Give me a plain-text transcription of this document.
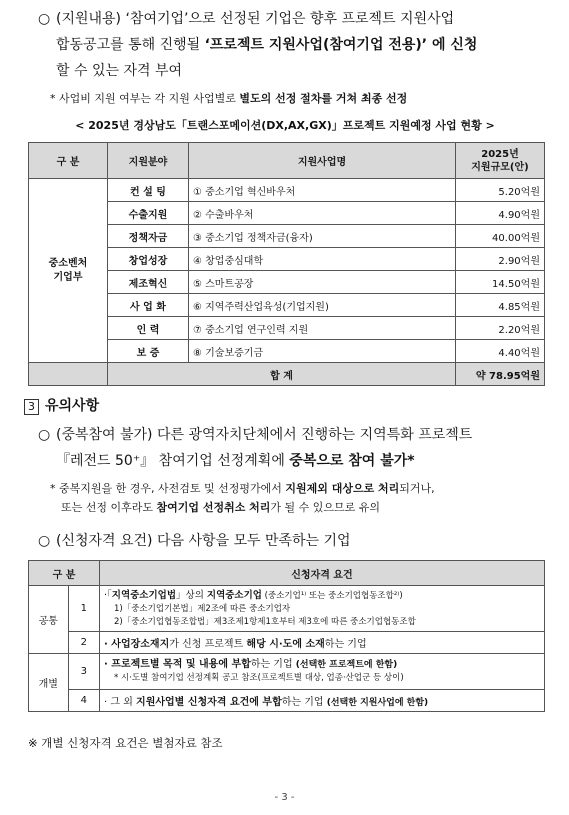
○ (지원내용) ‘참여기업’으로 선정된 기업은 향후 프로젝트 지원사업
합동공고를 통해 진행될 ‘프로젝트 지원사업(참여기업 전용)’ 에 신청
할 수 있는 자격 부여
* 사업비 지원 여부는 각 지원 사업별로 별도의 선정 절차를 거쳐 최종 선정
< 2025년 경상남도「트랜스포메이션(DX,AX,GX)」프로젝트 지원예정 사업 현황 >
구 분	지원분야	지원사업명	2025년
지원규모(안)
중소벤처
기업부	컨 설 팅	① 중소기업 혁신바우처	5.20억원
	수출지원	② 수출바우처	4.90억원
	정책자금	③ 중소기업 정책자금(융자)	40.00억원
	창업성장	④ 창업중심대학	2.90억원
	제조혁신	⑤ 스마트공장	14.50억원
	사 업 화	⑥ 지역주력산업육성(기업지원)	4.85억원
	인 력	⑦ 중소기업 연구인력 지원	2.20억원
	보 증	⑧ 기술보증기금	4.40억원
	합 계		약 78.95억원
3 유의사항
○ (중복참여 불가) 다른 광역자치단체에서 진행하는 지역특화 프로젝트
『레전드 50⁺』 참여기업 선정계획에 중복으로 참여 불가*
* 중복지원을 한 경우, 사전검토 및 선정평가에서 지원제외 대상으로 처리되거나,
또는 선정 이후라도 참여기업 선정취소 처리가 될 수 있으므로 유의
○ (신청자격 요건) 다음 사항을 모두 만족하는 기업
구 분		신청자격 요건
공통	1	·「지역중소기업법」상의 지역중소기업 (중소기업¹⁾ 또는 중소기업협동조합²⁾)
1)「중소기업기본법」제2조에 따른 중소기업자
2)「중소기업협동조합법」제3조제1항제1호부터 제3호에 따른 중소기업협동조합

	2	· 사업장소재지가 신청 프로젝트 해당 시·도에 소재하는 기업
개별	3	· 프로젝트별 목적 및 내용에 부합하는 기업 (선택한 프로젝트에 한함)
* 시·도별 참여기업 선정계획 공고 참조(프로젝트별 대상, 업종·산업군 등 상이)

	4	· 그 외 지원사업별 신청자격 요건에 부합하는 기업 (선택한 지원사업에 한함)
※ 개별 신청자격 요건은 별첨자료 참조
- 3 -
